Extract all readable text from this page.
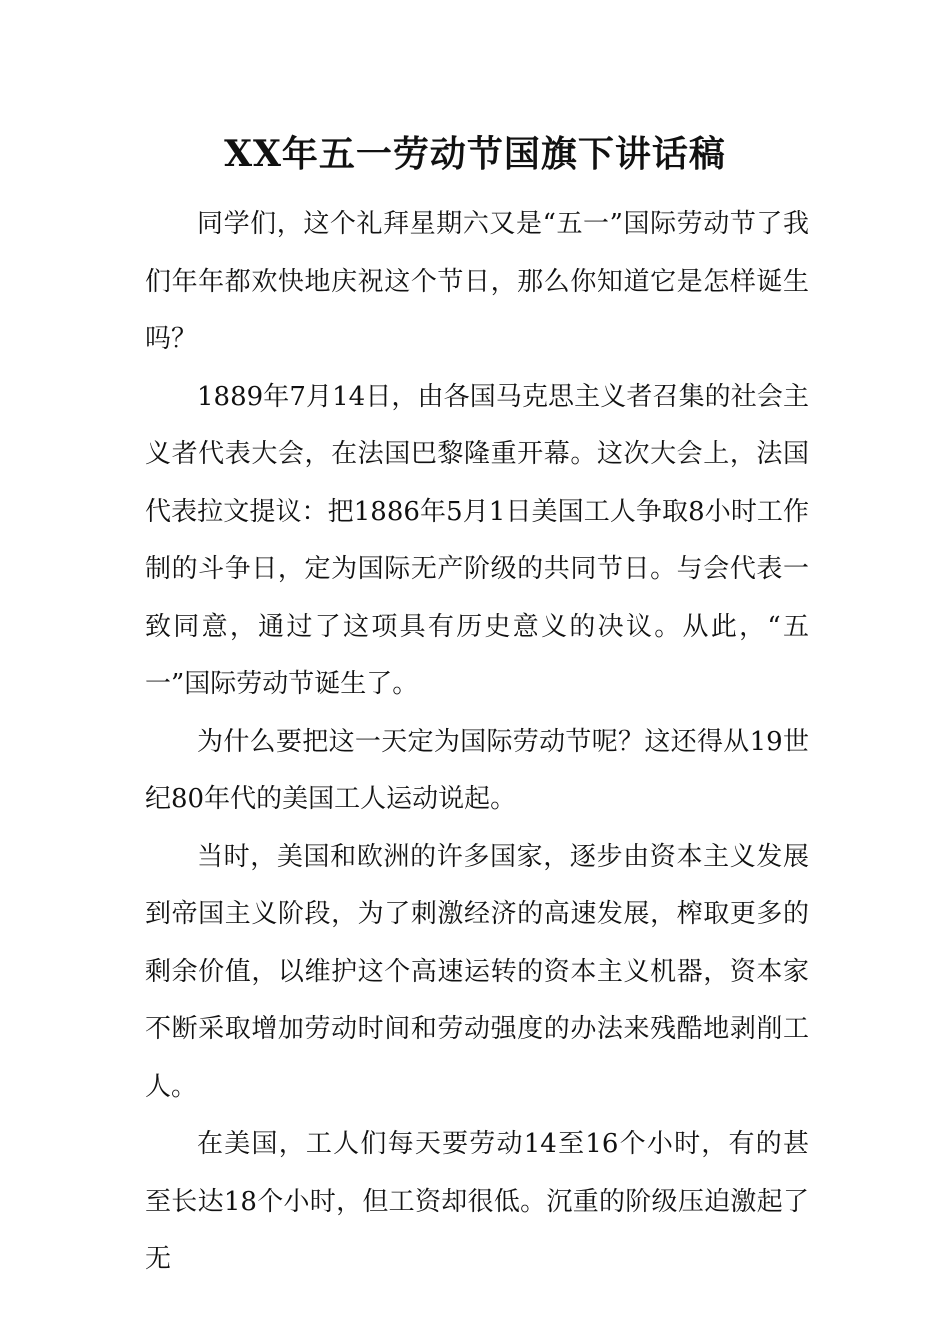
XX年五一劳动节国旗下讲话稿

同学们，这个礼拜星期六又是“五一”国际劳动节了我们年年都欢快地庆祝这个节日，那么你知道它是怎样诞生吗？

1889年7月14日，由各国马克思主义者召集的社会主义者代表大会，在法国巴黎隆重开幕。这次大会上，法国代表拉文提议：把1886年5月1日美国工人争取8小时工作制的斗争日，定为国际无产阶级的共同节日。与会代表一致同意，通过了这项具有历史意义的决议。从此，“五一”国际劳动节诞生了。

为什么要把这一天定为国际劳动节呢？这还得从19世纪80年代的美国工人运动说起。

当时，美国和欧洲的许多国家，逐步由资本主义发展到帝国主义阶段，为了刺激经济的高速发展，榨取更多的剩余价值，以维护这个高速运转的资本主义机器，资本家不断采取增加劳动时间和劳动强度的办法来残酷地剥削工人。

在美国，工人们每天要劳动14至16个小时，有的甚至长达18个小时，但工资却很低。沉重的阶级压迫激起了无
